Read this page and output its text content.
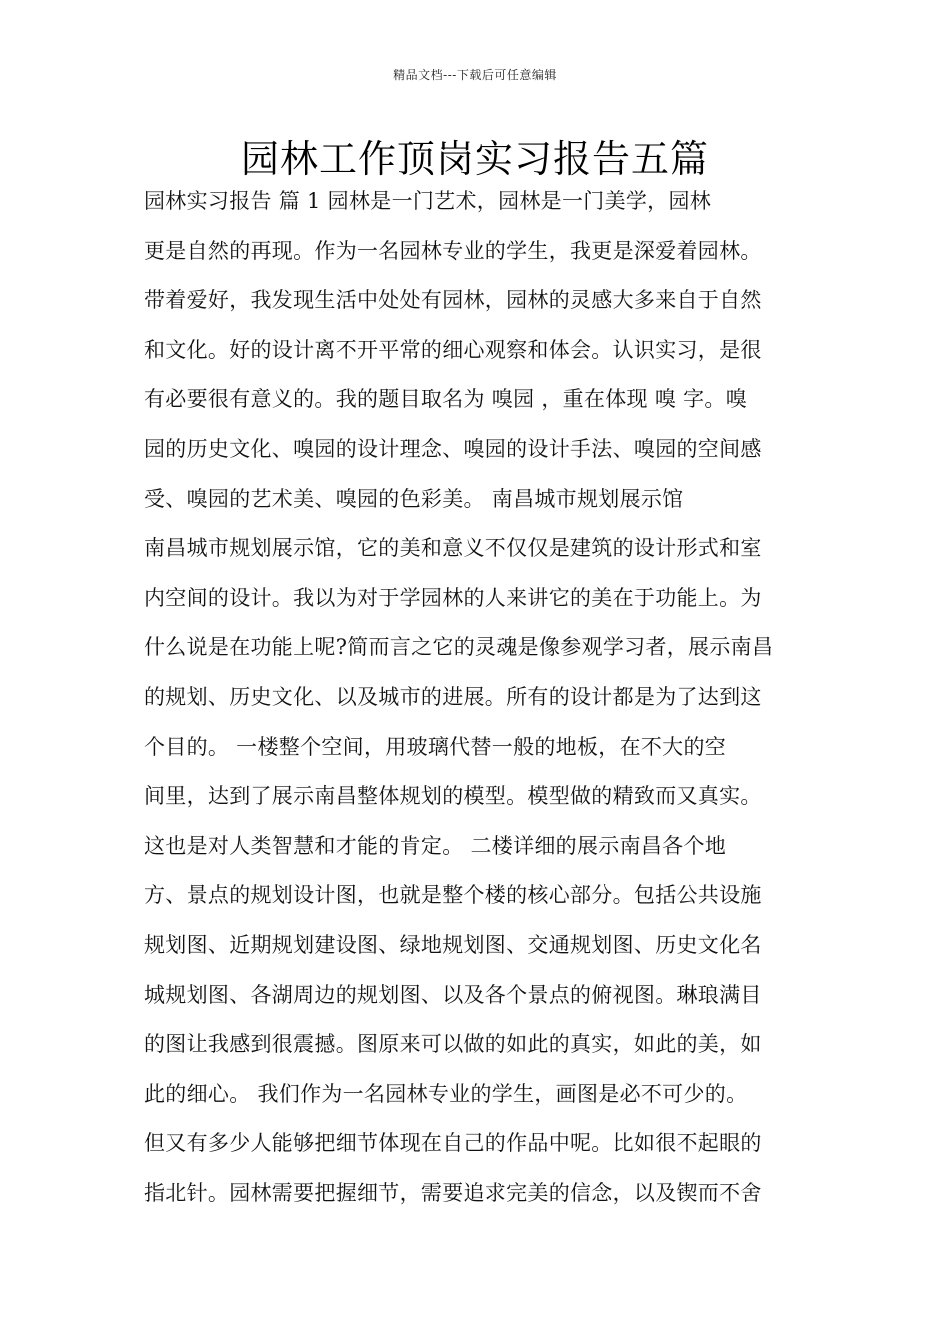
精品文档---下载后可任意编辑
园林工作顶岗实习报告五篇
园林实习报告 篇 1 园林是一门艺术，园林是一门美学，园林
更是自然的再现。作为一名园林专业的学生，我更是深爱着园林。
带着爱好，我发现生活中处处有园林，园林的灵感大多来自于自然
和文化。好的设计离不开平常的细心观察和体会。认识实习，是很
有必要很有意义的。我的题目取名为 嗅园 ，重在体现 嗅 字。嗅
园的历史文化、嗅园的设计理念、嗅园的设计手法、嗅园的空间感
受、嗅园的艺术美、嗅园的色彩美。 南昌城市规划展示馆
南昌城市规划展示馆，它的美和意义不仅仅是建筑的设计形式和室
内空间的设计。我以为对于学园林的人来讲它的美在于功能上。为
什么说是在功能上呢?简而言之它的灵魂是像参观学习者，展示南昌
的规划、历史文化、以及城市的进展。所有的设计都是为了达到这
个目的。 一楼整个空间，用玻璃代替一般的地板，在不大的空
间里，达到了展示南昌整体规划的模型。模型做的精致而又真实。
这也是对人类智慧和才能的肯定。 二楼详细的展示南昌各个地
方、景点的规划设计图，也就是整个楼的核心部分。包括公共设施
规划图、近期规划建设图、绿地规划图、交通规划图、历史文化名
城规划图、各湖周边的规划图、以及各个景点的俯视图。琳琅满目
的图让我感到很震撼。图原来可以做的如此的真实，如此的美，如
此的细心。 我们作为一名园林专业的学生，画图是必不可少的。
但又有多少人能够把细节体现在自己的作品中呢。比如很不起眼的
指北针。园林需要把握细节，需要追求完美的信念，以及锲而不舍
